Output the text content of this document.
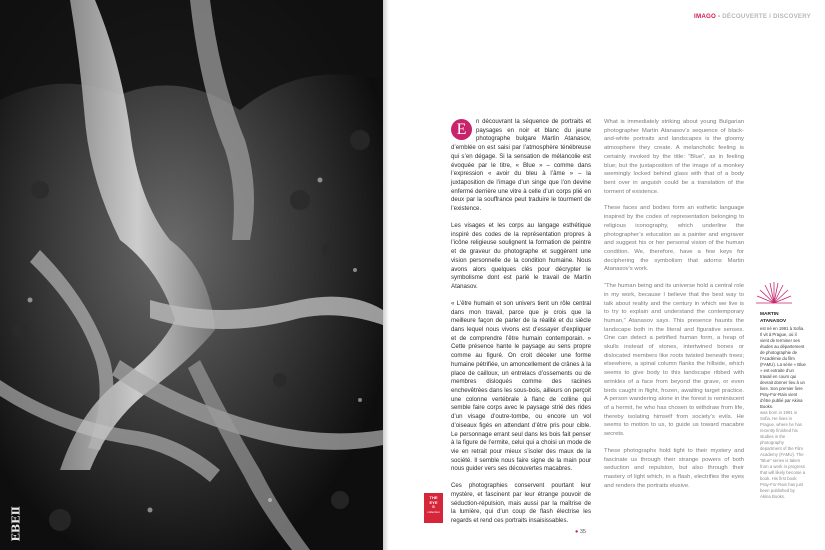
IMAGO • DÉCOUVERTE I DISCOVERY

E	n découvrant la séquence de portraits et paysages en noir et blanc du jeune photographe bulgare Martin Atanasov, d’emblée on est saisi par l’atmosphère ténébreuse qui s’en dégage. Si la sensation de mélancolie est évoquée par le titre, « Blue » – comme dans l’expression « avoir du bleu à l’âme » – la juxtaposition de l’image d’un singe que l’on devine enfermé derrière une vitre à celle d’un corps plié en deux par la souffrance peut traduire le tourment de l’existence.

Les visages et les corps au langage esthétique inspiré des codes de la représentation propres à l’icône religieuse soulignent la formation de peintre et de graveur du photographe et suggèrent une vision personnelle de la condition humaine. Nous avons alors quelques clés pour décrypter le symbolisme dont est parié le travail de Martin Atanasov.

« L’être humain et son univers tient un rôle central dans mon travail, parce que je crois que la meilleure façon de parler de la réalité et du siècle dans lequel nous vivons est d’essayer d’expliquer et de comprendre l’être humain contemporain. » Cette présence hante le paysage au sens propre comme au figuré. On croit déceler une forme humaine pétrifiée, un amoncellement de crânes à la place de cailloux, un entrelacs d’ossements ou de membres disloqués comme des racines enchevêtrées dans les sous-bois, ailleurs on perçoit une colonne vertébrale à flanc de colline qui semble faire corps avec le paysage strié des rides d’un visage d’outre-tombe, ou encore un vol d’oiseaux figés en attendant d’être pris pour cible. Le personnage errant seul dans les bois fait penser à la figure de l’ermite, celui qui a choisi un mode de vie en retrait pour mieux s’isoler des maux de la société. Il semble nous faire signe de la main pour nous guider vers ses découvertes macabres.

Ces photographies conservent pourtant leur mystère, et fascinent par leur étrange pouvoir de séduction-répulsion, mais aussi par la maîtrise de la lumière, qui d’un coup de flash électrise les regards et rend ces portraits insaisissables.

What is immediately striking about young Bulgarian photographer Martin Atanasov’s sequence of black-and-white portraits and landscapes is the gloomy atmosphere they create. A melancholic feeling is certainly invoked by the title: “Blue”, as in feeling blue; but the juxtaposition of the image of a monkey seemingly locked behind glass with that of a body bent over in anguish could be a translation of the torment of existence.

These faces and bodies form an esthetic language inspired by the codes of representation belonging to religious iconography, which underline the photographer’s education as a painter and engraver and suggest his or her personal vision of the human condition. We, therefore, have a few keys for deciphering the symbolism that adorns Martin Atanasov’s work.

“The human being and its universe hold a central role in my work, because I believe that the best way to talk about reality and the century in which we live is to try to explain and understand the contemporary human,” Atanasov says. This presence haunts the landscape both in the literal and figurative senses. One can detect a petrified human form, a heap of skulls instead of stones, intertwined bones or dislocated members like roots twisted beneath trees; elsewhere, a spinal column flanks the hillside, which seems to give body to this landscape ribbed with wrinkles of a face from beyond the grave, or even birds caught in flight, frozen, awaiting target practice. A person wandering alone in the forest is reminiscent of a hermit, he who has chosen to withdraw from life, thereby isolating himself from society’s evils. He seems to motion to us, to guide us toward macabre secrets.

These photographs hold tight to their mystery and fascinate us through their strange powers of both seduction and repulsion, but also through their mastery of light which, in a flash, electrifies the eyes and renders the portraits elusive.

MARTIN
ATANASOV
est né en 1991 à Sofia. Il vit à Prague, où il vient de terminer ses études au département de photographie de l’Académie du film (FAMU). La série « Blue » est extraite d’un travail en cours qui devrait donner lieu à un livre. Son premier livre Pray-For-Rain vient d’être publié par Akina Books.
was born in 1991 in Sofia. He lives in Prague, where he has recently finished his studies in the photography department of the Film Academy (FAMU). The “Blue” series is taken from a work in progress that will likely become a book. His first book Pray-For-Rain has just been published by Akina Books.
THE
EYE
S
collection
● 35
